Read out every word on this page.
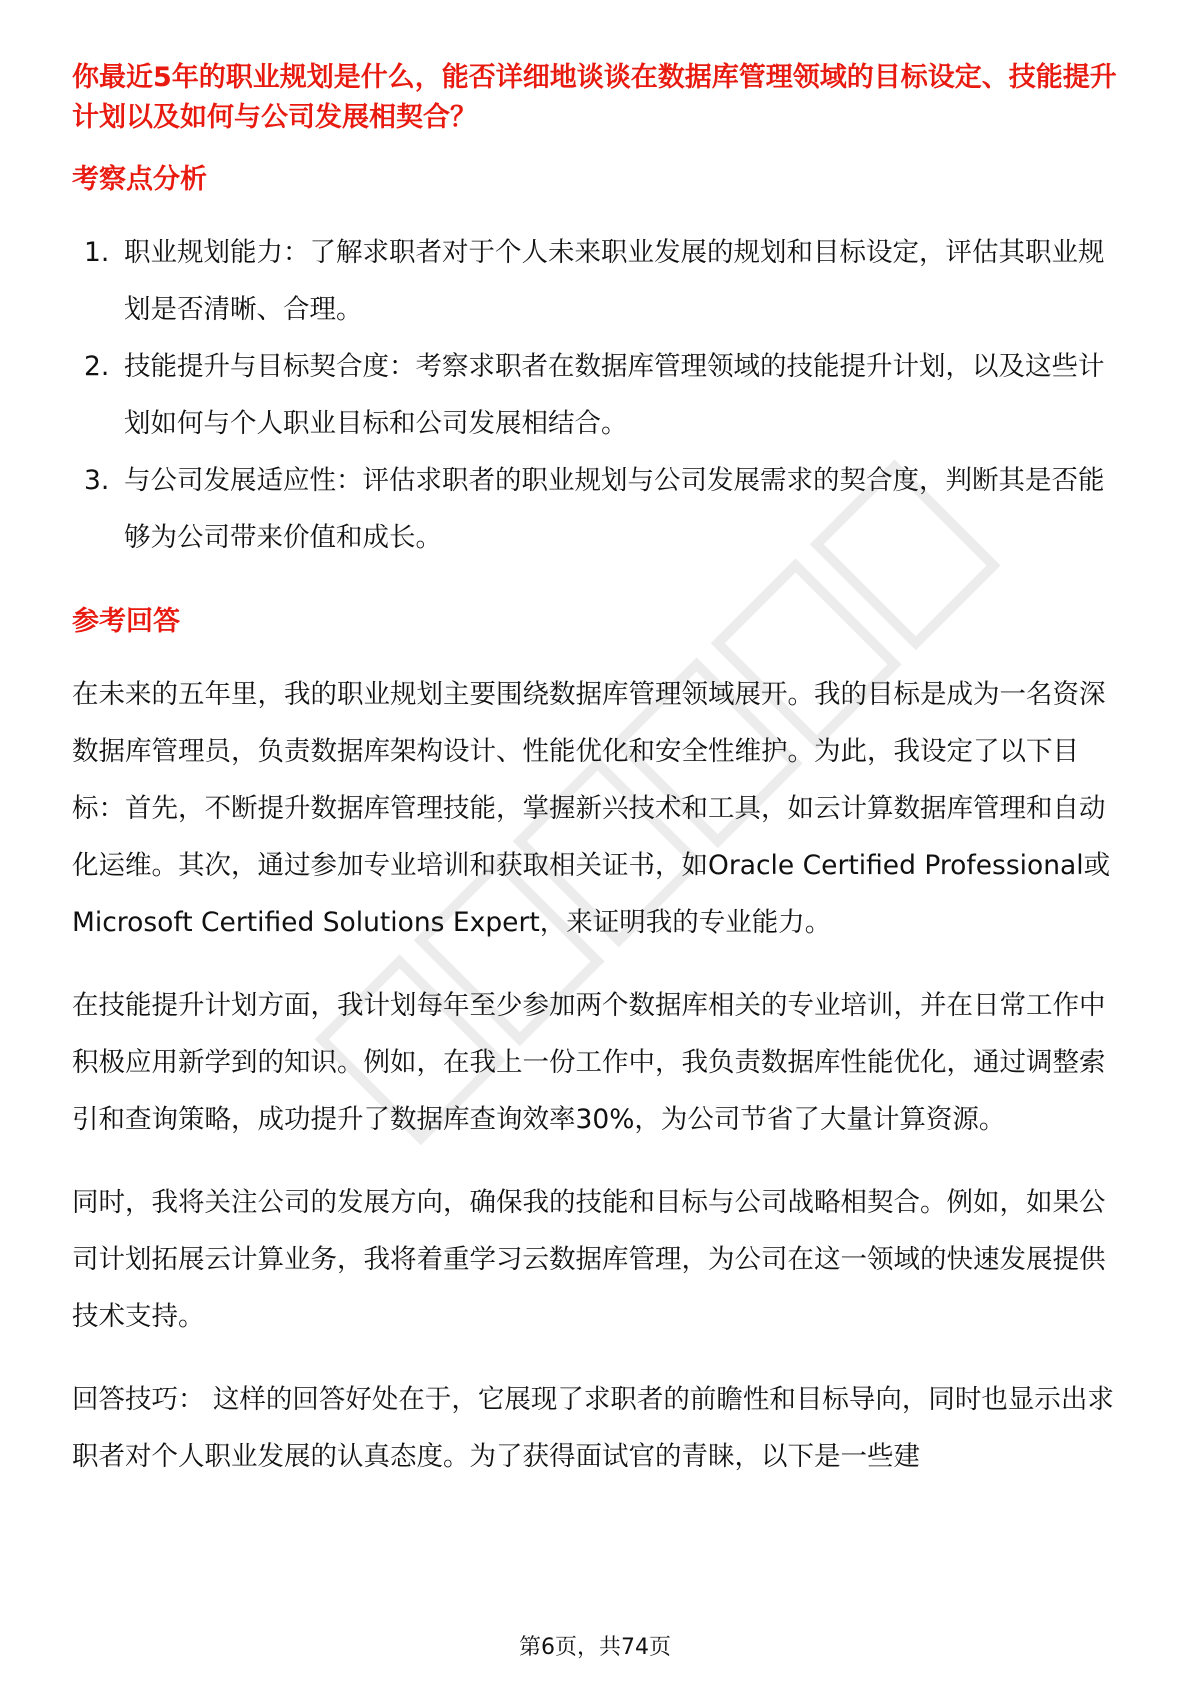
你最近5年的职业规划是什么，能否详细地谈谈在数据库管理领域的目标设定、技能提升计划以及如何与公司发展相契合？
考察点分析
1. 职业规划能力：了解求职者对于个人未来职业发展的规划和目标设定，评估其职业规划是否清晰、合理。
2. 技能提升与目标契合度：考察求职者在数据库管理领域的技能提升计划，以及这些计划如何与个人职业目标和公司发展相结合。
3. 与公司发展适应性：评估求职者的职业规划与公司发展需求的契合度，判断其是否能够为公司带来价值和成长。
参考回答

在未来的五年里，我的职业规划主要围绕数据库管理领域展开。我的目标是成为一名资深数据库管理员，负责数据库架构设计、性能优化和安全性维护。为此，我设定了以下目标：首先，不断提升数据库管理技能，掌握新兴技术和工具，如云计算数据库管理和自动化运维。其次，通过参加专业培训和获取相关证书，如Oracle Certified Professional或Microsoft Certified Solutions Expert，来证明我的专业能力。

在技能提升计划方面，我计划每年至少参加两个数据库相关的专业培训，并在日常工作中积极应用新学到的知识。例如，在我上一份工作中，我负责数据库性能优化，通过调整索引和查询策略，成功提升了数据库查询效率30%，为公司节省了大量计算资源。

同时，我将关注公司的发展方向，确保我的技能和目标与公司战略相契合。例如，如果公司计划拓展云计算业务，我将着重学习云数据库管理，为公司在这一领域的快速发展提供技术支持。

回答技巧： 这样的回答好处在于，它展现了求职者的前瞻性和目标导向，同时也显示出求职者对个人职业发展的认真态度。为了获得面试官的青睐，以下是一些建

第6页，共74页
